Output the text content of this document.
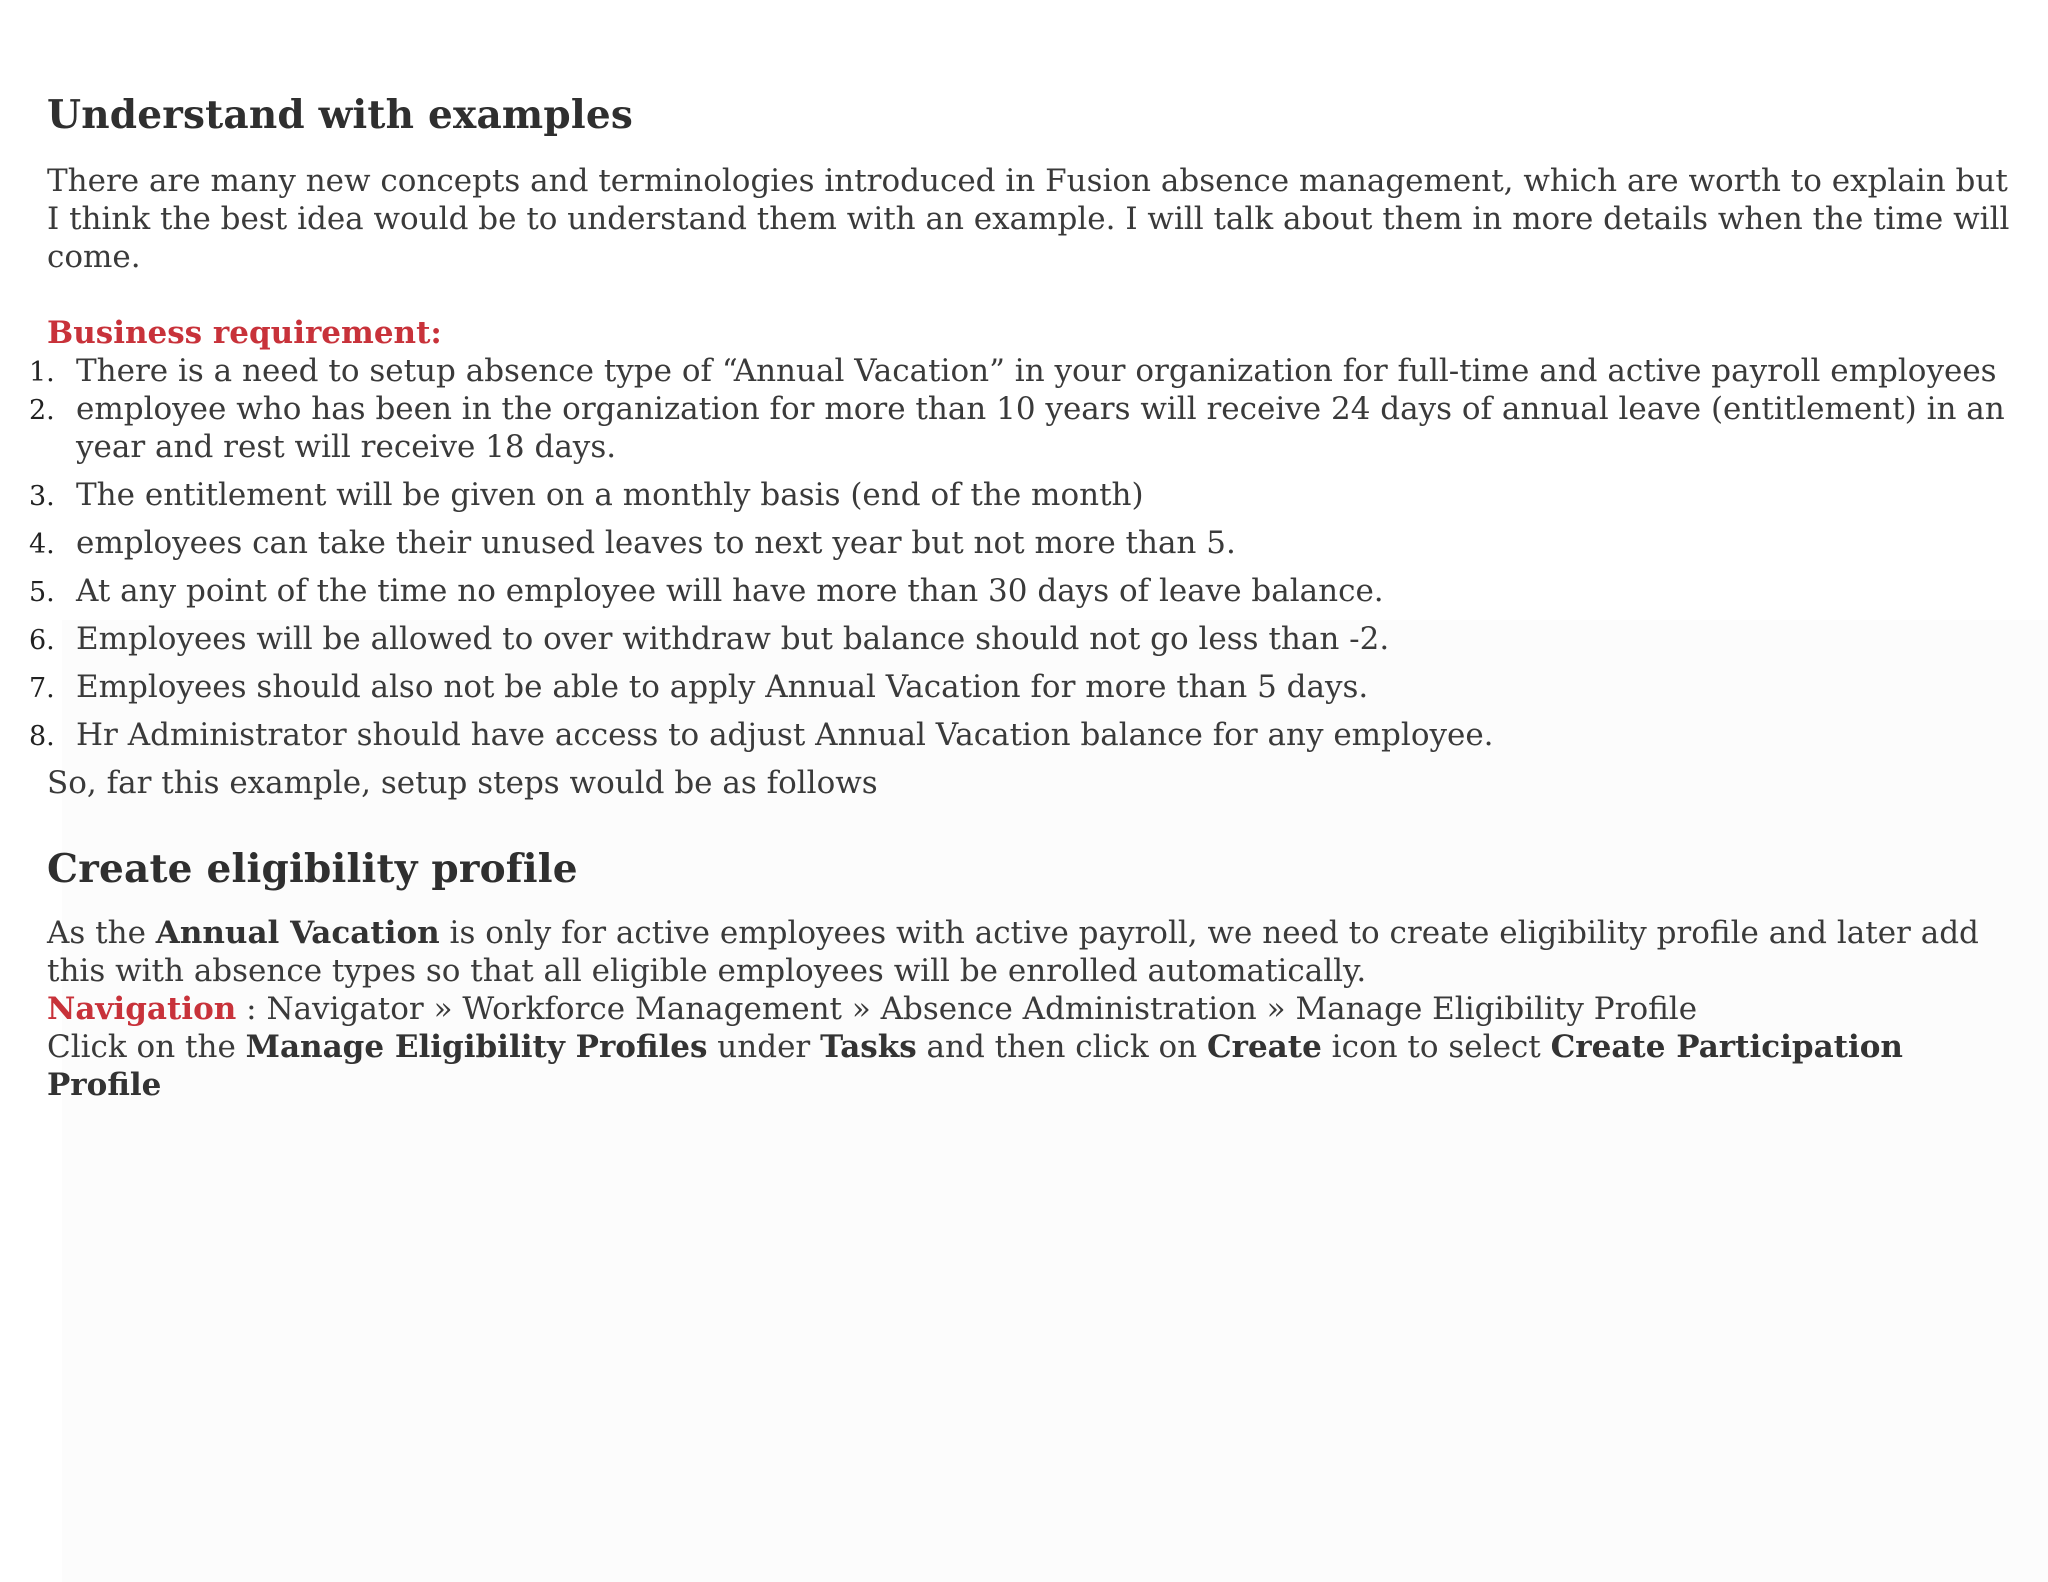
Understand with examples

There are many new concepts and terminologies introduced in Fusion absence management, which are worth to explain but I think the best idea would be to understand them with an example. I will talk about them in more details when the time will come.

Business requirement:
1. There is a need to setup absence type of “Annual Vacation” in your organization for full-time and active payroll employees
2. employee who has been in the organization for more than 10 years will receive 24 days of annual leave (entitlement) in an year and rest will receive 18 days.
3. The entitlement will be given on a monthly basis (end of the month)
4. employees can take their unused leaves to next year but not more than 5.
5. At any point of the time no employee will have more than 30 days of leave balance.
6. Employees will be allowed to over withdraw but balance should not go less than -2.
7. Employees should also not be able to apply Annual Vacation for more than 5 days.
8. Hr Administrator should have access to adjust Annual Vacation balance for any employee.

So, far this example, setup steps would be as follows

Create eligibility profile

As the Annual Vacation is only for active employees with active payroll, we need to create eligibility profile and later add this with absence types so that all eligible employees will be enrolled automatically.

Navigation : Navigator » Workforce Management » Absence Administration » Manage Eligibility Profile

Click on the Manage Eligibility Profiles under Tasks and then click on Create icon to select Create Participation Profile
